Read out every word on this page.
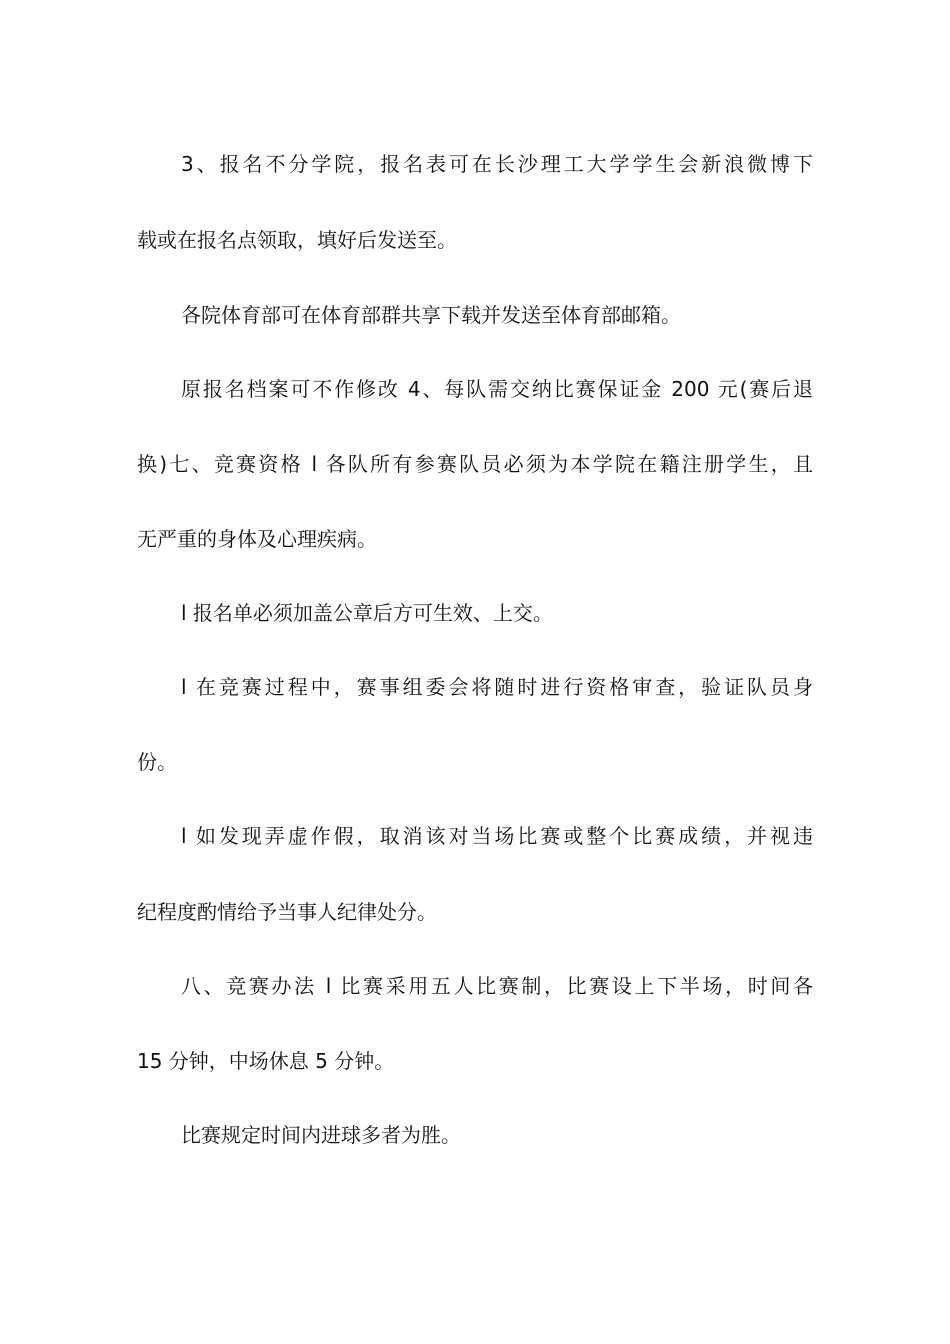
3、报名不分学院，报名表可在长沙理工大学学生会新浪微博下
载或在报名点领取，填好后发送至。
各院体育部可在体育部群共享下载并发送至体育部邮箱。
原报名档案可不作修改 4、每队需交纳比赛保证金 200 元(赛后退
换)七、竞赛资格 l 各队所有参赛队员必须为本学院在籍注册学生，且
无严重的身体及心理疾病。
l 报名单必须加盖公章后方可生效、上交。
l 在竞赛过程中，赛事组委会将随时进行资格审查，验证队员身
份。
l 如发现弄虚作假，取消该对当场比赛或整个比赛成绩，并视违
纪程度酌情给予当事人纪律处分。
八、竞赛办法 l 比赛采用五人比赛制，比赛设上下半场，时间各
15 分钟，中场休息 5 分钟。
比赛规定时间内进球多者为胜。
